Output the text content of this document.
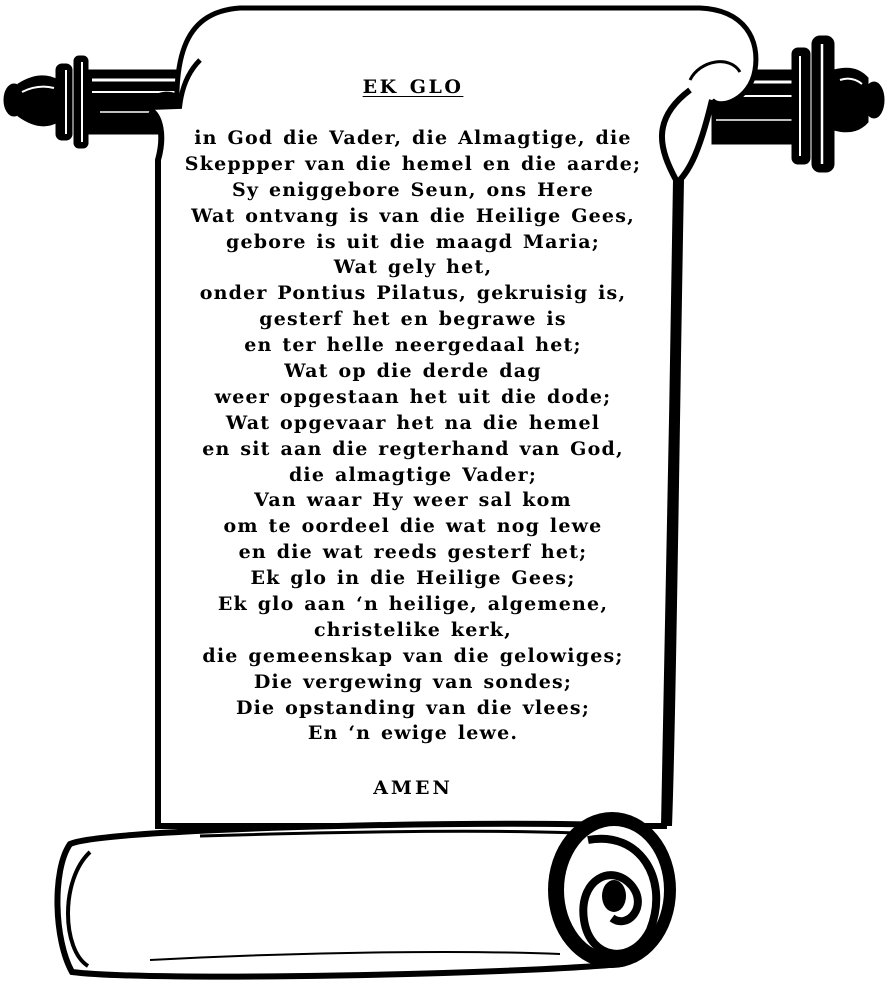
EK GLO
in God die Vader, die Almagtige, die
Skeppper van die hemel en die aarde;
Sy eniggebore Seun, ons Here
Wat ontvang is van die Heilige Gees,
gebore is uit die maagd Maria;
Wat gely het,
onder Pontius Pilatus, gekruisig is,
gesterf het en begrawe is
en ter helle neergedaal het;
Wat op die derde dag
weer opgestaan het uit die dode;
Wat opgevaar het na die hemel
en sit aan die regterhand van God,
die almagtige Vader;
Van waar Hy weer sal kom
om te oordeel die wat nog lewe
en die wat reeds gesterf het;
Ek glo in die Heilige Gees;
Ek glo aan ‘n heilige, algemene,
christelike kerk,
die gemeenskap van die gelowiges;
Die vergewing van sondes;
Die opstanding van die vlees;
En ‘n ewige lewe.
AMEN
